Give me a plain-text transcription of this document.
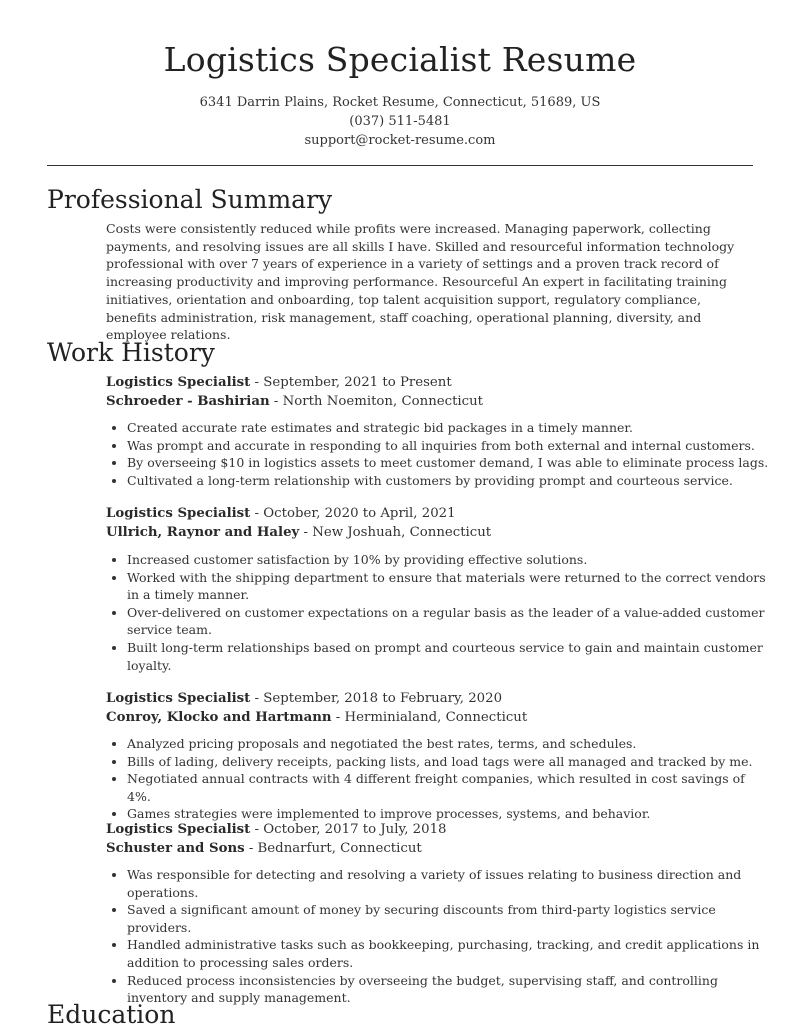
Logistics Specialist Resume
6341 Darrin Plains, Rocket Resume, Connecticut, 51689, US
(037) 511-5481
support@rocket-resume.com
Professional Summary
Costs were consistently reduced while profits were increased. Managing paperwork, collecting payments, and resolving issues are all skills I have. Skilled and resourceful information technology professional with over 7 years of experience in a variety of settings and a proven track record of increasing productivity and improving performance. Resourceful An expert in facilitating training initiatives, orientation and onboarding, top talent acquisition support, regulatory compliance, benefits administration, risk management, staff coaching, operational planning, diversity, and employee relations.
Work History
Logistics Specialist - September, 2021 to Present
Schroeder - Bashirian - North Noemiton, Connecticut
• Created accurate rate estimates and strategic bid packages in a timely manner.
• Was prompt and accurate in responding to all inquiries from both external and internal customers.
• By overseeing $10 in logistics assets to meet customer demand, I was able to eliminate process lags.
• Cultivated a long-term relationship with customers by providing prompt and courteous service.
Logistics Specialist - October, 2020 to April, 2021
Ullrich, Raynor and Haley - New Joshuah, Connecticut
• Increased customer satisfaction by 10% by providing effective solutions.
• Worked with the shipping department to ensure that materials were returned to the correct vendors in a timely manner.
• Over-delivered on customer expectations on a regular basis as the leader of a value-added customer service team.
• Built long-term relationships based on prompt and courteous service to gain and maintain customer loyalty.
Logistics Specialist - September, 2018 to February, 2020
Conroy, Klocko and Hartmann - Herminialand, Connecticut
• Analyzed pricing proposals and negotiated the best rates, terms, and schedules.
• Bills of lading, delivery receipts, packing lists, and load tags were all managed and tracked by me.
• Negotiated annual contracts with 4 different freight companies, which resulted in cost savings of 4%.
• Games strategies were implemented to improve processes, systems, and behavior.
Logistics Specialist - October, 2017 to July, 2018
Schuster and Sons - Bednarfurt, Connecticut
• Was responsible for detecting and resolving a variety of issues relating to business direction and operations.
• Saved a significant amount of money by securing discounts from third-party logistics service providers.
• Handled administrative tasks such as bookkeeping, purchasing, tracking, and credit applications in addition to processing sales orders.
• Reduced process inconsistencies by overseeing the budget, supervising staff, and controlling inventory and supply management.
Education
